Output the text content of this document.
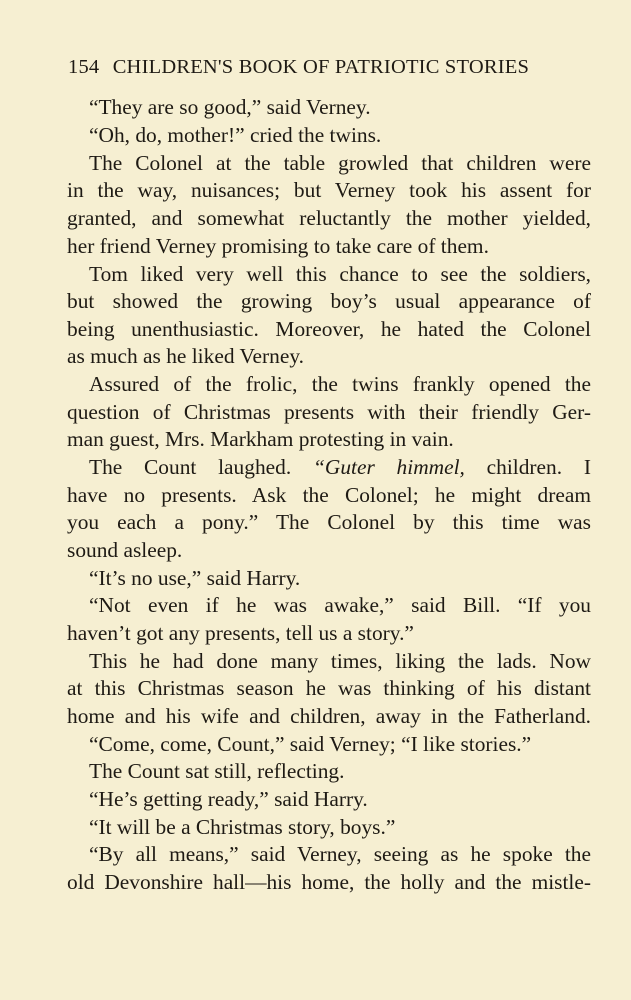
154 CHILDREN'S BOOK OF PATRIOTIC STORIES
“They are so good,” said Verney.
“Oh, do, mother!” cried the twins.
The Colonel at the table growled that children were
in the way, nuisances; but Verney took his assent for
granted, and somewhat reluctantly the mother yielded,
her friend Verney promising to take care of them.
Tom liked very well this chance to see the soldiers,
but showed the growing boy’s usual appearance of
being unenthusiastic. Moreover, he hated the Colonel
as much as he liked Verney.
Assured of the frolic, the twins frankly opened the
question of Christmas presents with their friendly Ger-
man guest, Mrs. Markham protesting in vain.
The Count laughed. “Guter himmel, children. I
have no presents. Ask the Colonel; he might dream
you each a pony.” The Colonel by this time was
sound asleep.
“It’s no use,” said Harry.
“Not even if he was awake,” said Bill. “If you
haven’t got any presents, tell us a story.”
This he had done many times, liking the lads. Now
at this Christmas season he was thinking of his distant
home and his wife and children, away in the Fatherland.
“Come, come, Count,” said Verney; “I like stories.”
The Count sat still, reflecting.
“He’s getting ready,” said Harry.
“It will be a Christmas story, boys.”
“By all means,” said Verney, seeing as he spoke the
old Devonshire hall—his home, the holly and the mistle-
